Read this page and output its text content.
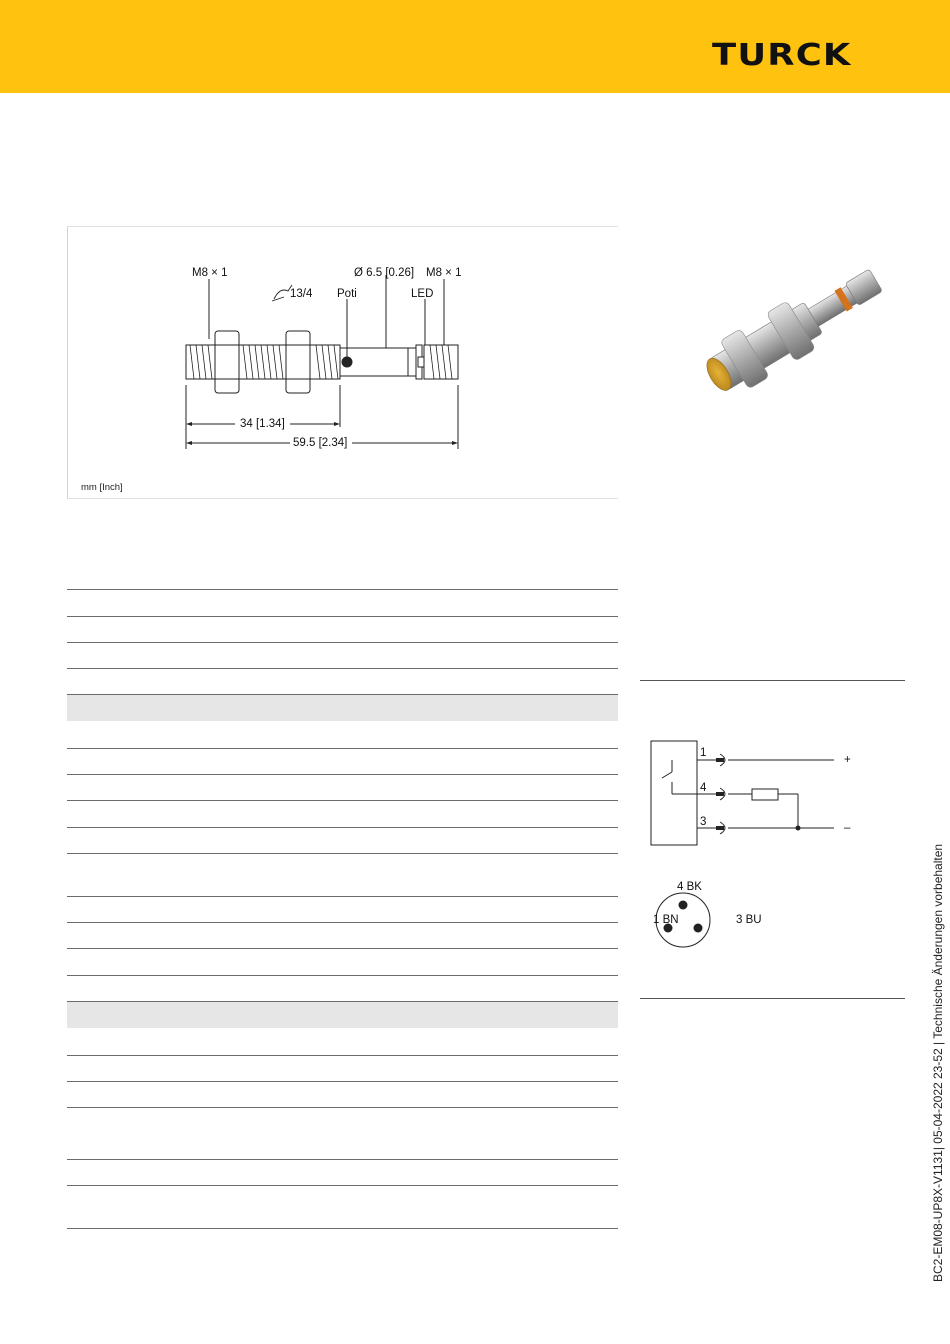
TURCK
M8 × 1
13/4
Ø 6.5 [0.26] M8 × 1
Poti	LED
34 [1.34]
59.5 [2.34]
mm [Inch]
1
4
3
+
–
4 BK
1 BN	3 BU	BC2-EM08-UP8X-V1131| 05-04-2022 23-52 | Technische Änderungen vorbehalten
